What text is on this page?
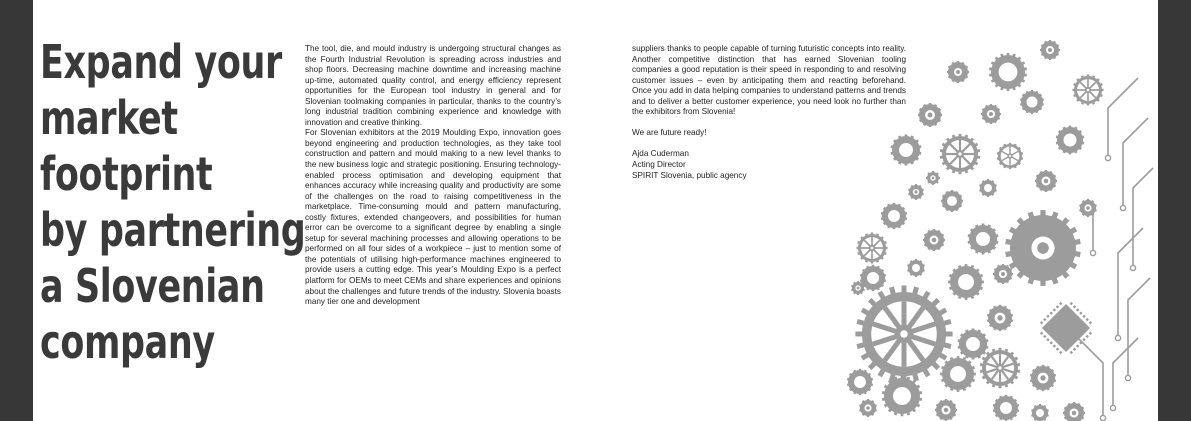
Expand your
market
footprint
by partnering
a Slovenian
company

The tool, die, and mould industry is undergoing structural changes as the Fourth Industrial Revolution is spreading across industries and shop floors. Decreasing machine downtime and increasing machine up-time, automated quality control, and energy efficiency represent opportunities for the European tool industry in general and for Slovenian toolmaking companies in particular, thanks to the country’s long industrial tradition combining experience and knowledge with innovation and creative thinking.

For Slovenian exhibitors at the 2019 Moulding Expo, innovation goes beyond engineering and production technologies, as they take tool construction and pattern and mould making to a new level thanks to the new business logic and strategic positioning. Ensuring technology-enabled process optimisation and developing equipment that enhances accuracy while increasing quality and productivity are some of the challenges on the road to raising competitiveness in the marketplace. Time-consuming mould and pattern manufacturing, costly fixtures, extended changeovers, and possibilities for human error can be overcome to a significant degree by enabling a single setup for several machining processes and allowing operations to be performed on all four sides of a workpiece – just to mention some of the potentials of utilising high-performance machines engineered to provide users a cutting edge. This year’s Moulding Expo is a perfect platform for OEMs to meet CEMs and share experiences and opinions about the challenges and future trends of the industry. Slovenia boasts many tier one and development

suppliers thanks to people capable of turning futuristic concepts into reality. Another competitive distinction that has earned Slovenian tooling companies a good reputation is their speed in responding to and resolving customer issues – even by anticipating them and reacting beforehand. Once you add in data helping companies to understand patterns and trends and to deliver a better customer experience, you need look no further than the exhibitors from Slovenia!

We are future ready!

Ajda Cuderman
Acting Director
SPIRIT Slovenia, public agency
